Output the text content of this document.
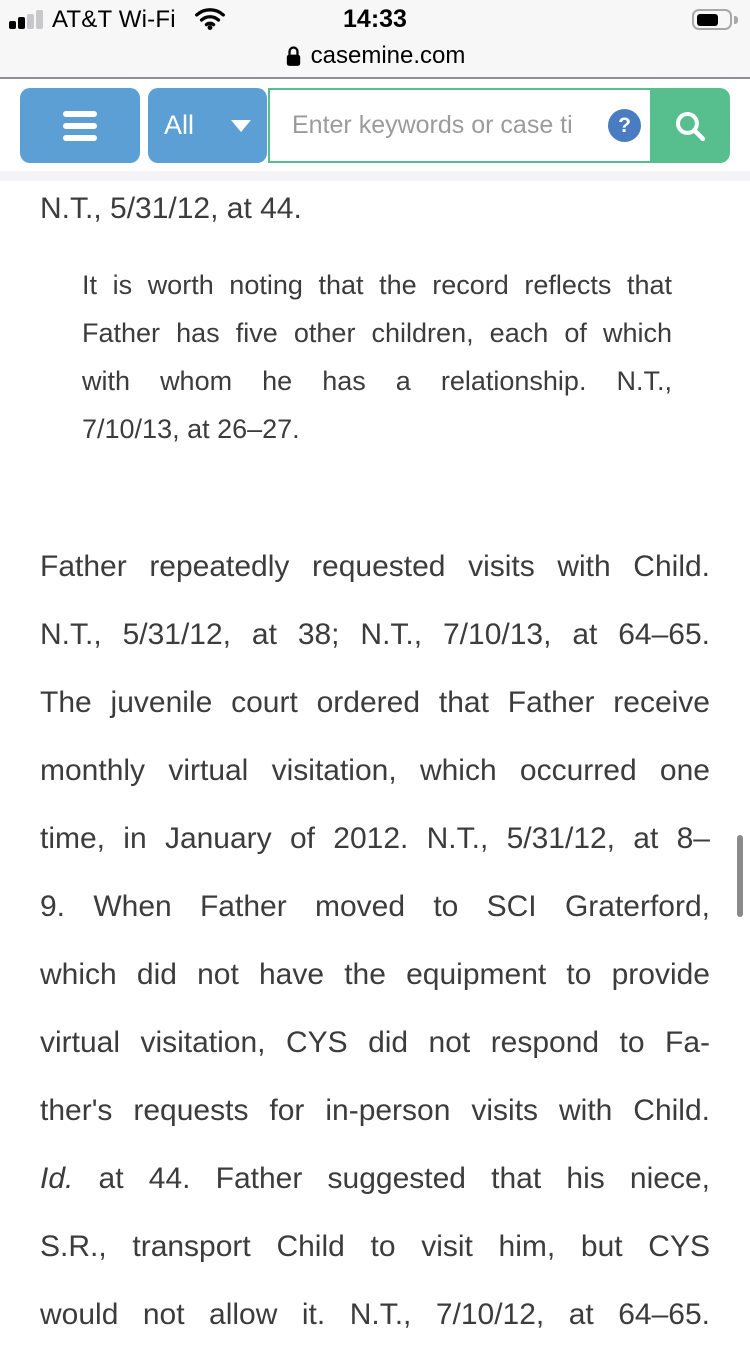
AT&T Wi-Fi	14:33
casemine.com
All
Enter keywords or case ti	?

N.T., 5/31/12, at 44.

It is worth noting that the record reflects that
Father has five other children, each of which
with whom he has a relationship. N.T.,
7/10/13, at 26–27.
Father repeatedly requested visits with Child.
N.T., 5/31/12, at 38; N.T., 7/10/13, at 64–65.
The juvenile court ordered that Father receive
monthly virtual visitation, which occurred one
time, in January of 2012. N.T., 5/31/12, at 8–
9. When Father moved to SCI Graterford,
which did not have the equipment to provide
virtual visitation, CYS did not respond to Fa-
ther's requests for in-person visits with Child.
Id. at 44. Father suggested that his niece,
S.R., transport Child to visit him, but CYS
would not allow it. N.T., 7/10/12, at 64–65.
